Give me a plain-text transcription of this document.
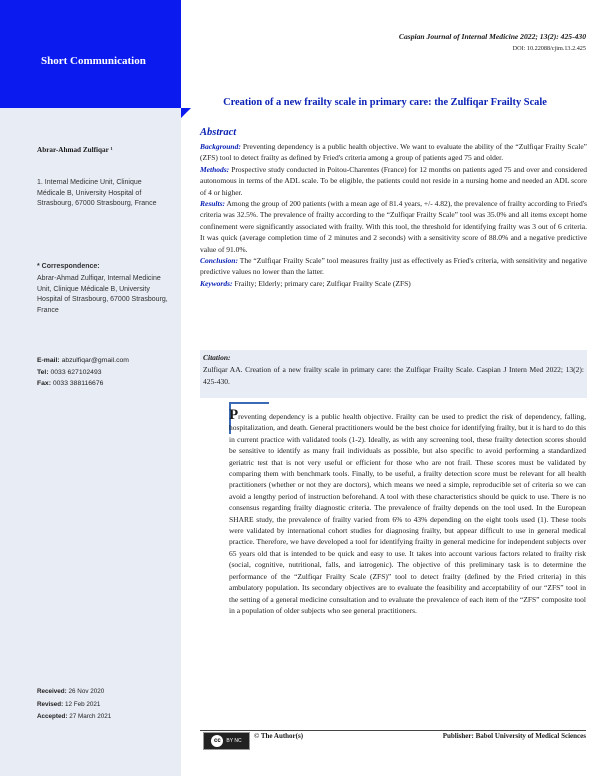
Short Communication
Caspian Journal of Internal Medicine 2022; 13(2): 425-430
DOI: 10.22088/cjim.13.2.425
Creation of a new frailty scale in primary care: the Zulfiqar Frailty Scale
Abrar-Ahmad Zulfiqar ¹
1. Internal Medicine Unit, Clinique Médicale B, University Hospital of Strasbourg, 67000 Strasbourg, France
* Correspondence:
Abrar-Ahmad Zulfiqar, Internal Medicine Unit, Clinique Médicale B, University Hospital of Strasbourg, 67000 Strasbourg, France
E-mail: abzulfiqar@gmail.com
Tel: 0033 627102493
Fax: 0033 388116676
Received: 26 Nov 2020
Revised: 12 Feb 2021
Accepted: 27 March 2021
Abstract

Background: Preventing dependency is a public health objective. We want to evaluate the ability of the “Zulfiqar Frailty Scale” (ZFS) tool to detect frailty as defined by Fried's criteria among a group of patients aged 75 and older.

Methods: Prospective study conducted in Poitou-Charentes (France) for 12 months on patients aged 75 and over and considered autonomous in terms of the ADL scale. To be eligible, the patients could not reside in a nursing home and needed an ADL score of 4 or higher.

Results: Among the group of 200 patients (with a mean age of 81.4 years, +/- 4.82), the prevalence of frailty according to Fried's criteria was 32.5%. The prevalence of frailty according to the “Zulfiqar Frailty Scale” tool was 35.0% and all items except home confinement were significantly associated with frailty. With this tool, the threshold for identifying frailty was 3 out of 6 criteria. It was quick (average completion time of 2 minutes and 2 seconds) with a sensitivity score of 88.0% and a negative predictive value of 91.0%.

Conclusion: The “Zulfiqar Frailty Scale” tool measures frailty just as effectively as Fried's criteria, with sensitivity and negative predictive values no lower than the latter.

Keywords: Frailty; Elderly; primary care; Zulfiqar Frailty Scale (ZFS)

Citation:
Zulfiqar AA. Creation of a new frailty scale in primary care: the Zulfiqar Frailty Scale. Caspian J Intern Med 2022; 13(2): 425-430.
Preventing dependency is a public health objective. Frailty can be used to predict the risk of dependency, falling, hospitalization, and death. General practitioners would be the best choice for identifying frailty, but it is hard to do this in current practice with validated tools (1-2). Ideally, as with any screening tool, these frailty detection scores should be sensitive to identify as many frail individuals as possible, but also specific to avoid performing a standardized geriatric test that is not very useful or efficient for those who are not frail. These scores must be validated by comparing them with benchmark tools. Finally, to be useful, a frailty detection score must be relevant for all health practitioners (whether or not they are doctors), which means we need a simple, reproducible set of criteria so we can avoid a lengthy period of instruction beforehand. A tool with these characteristics should be quick to use. There is no consensus regarding frailty diagnostic criteria. The prevalence of frailty depends on the tool used. In the European SHARE study, the prevalence of frailty varied from 6% to 43% depending on the eight tools used (1). These tools were validated by international cohort studies for diagnosing frailty, but appear difficult to use in general medical practice. Therefore, we have developed a tool for identifying frailty in general medicine for independent subjects over 65 years old that is intended to be quick and easy to use. It takes into account various factors related to frailty risk (social, cognitive, nutritional, falls, and iatrogenic). The objective of this preliminary task is to determine the performance of the “Zulfiqar Frailty Scale (ZFS)” tool to detect frailty (defined by the Fried criteria) in this ambulatory population. Its secondary objectives are to evaluate the feasibility and acceptability of our “ZFS” tool in the setting of a general medicine consultation and to evaluate the prevalence of each item of the “ZFS” composite tool in a population of older subjects who see general practitioners.
cc	BY NC
© The Author(s)	Publisher: Babol University of Medical Sciences
